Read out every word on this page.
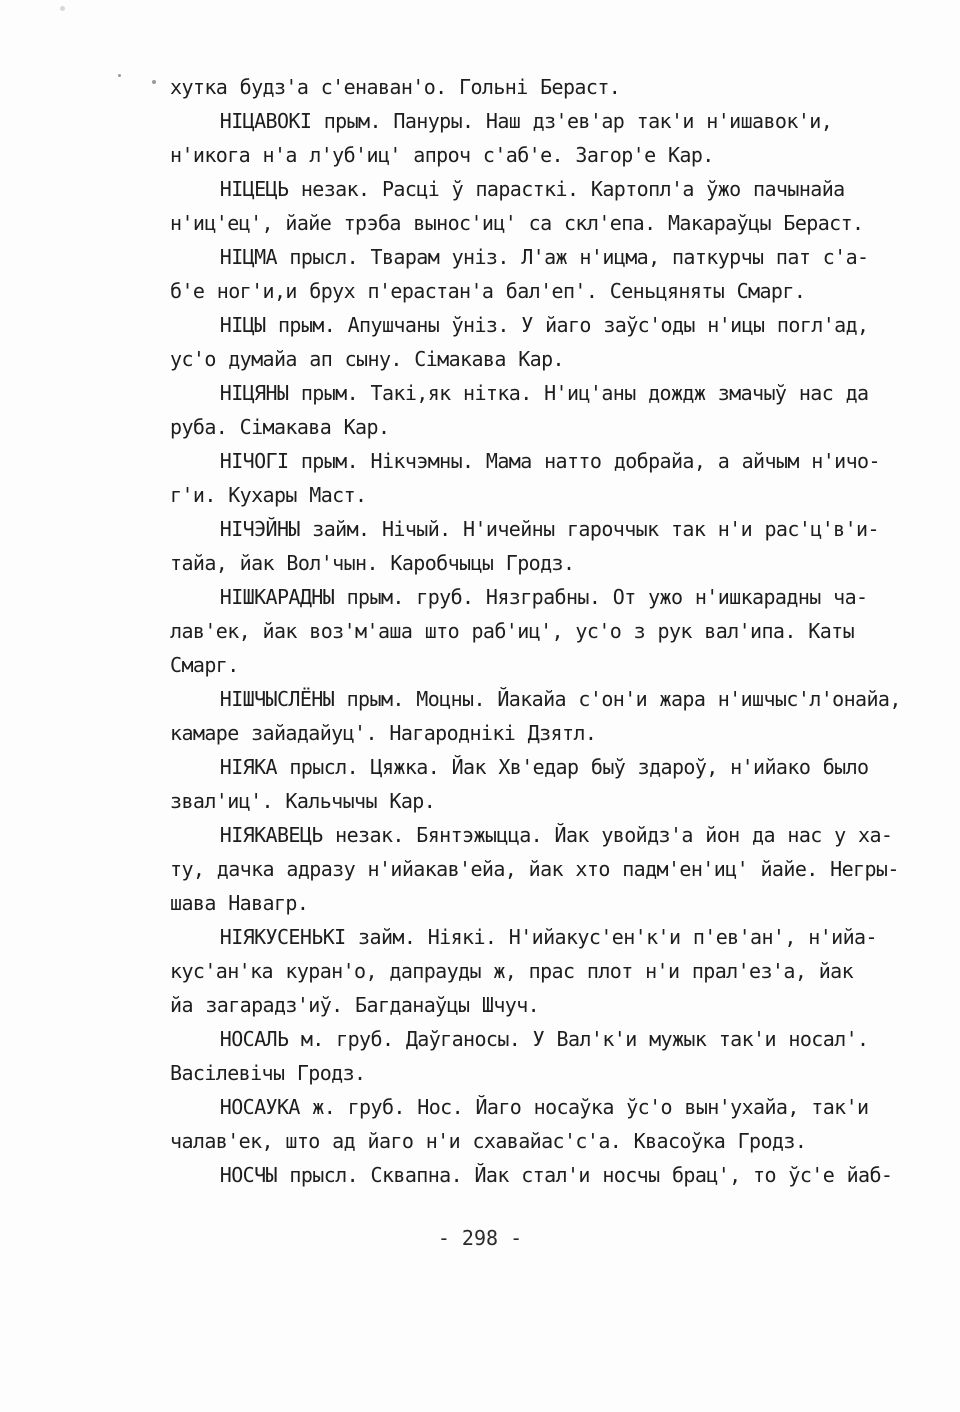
хутка будз'а с'енаван'о. Гольні Бераст.
НІЦАВОКІ прым. Пануры. Наш дз'ев'ар так'и н'ишавок'и,
н'икога н'а л'уб'иц' апроч с'аб'е. Загор'е Кар.
НІЦЕЦЬ незак. Расці ў парасткі. Картопл'а ўжо пачынайа
н'иц'ец', йайе трэба вынос'иц' са скл'епа. Макараўцы Бераст.
НІЦМА прысл. Тварам уніз. Л'аж н'ицма, паткурчы пат с'а-
б'е ног'и,и брух п'ерастан'а бал'еп'. Сеньцяняты Смарг.
НІЦЫ прым. Апушчаны ўніз. У йаго заўс'оды н'ицы погл'ад,
ус'о думайа ап сыну. Сімакава Кар.
НІЦЯНЫ прым. Такі,як нітка. Н'иц'аны дождж змачыў нас да
руба. Сімакава Кар.
НІЧОГІ прым. Нікчэмны. Мама натто добрайа, а айчым н'ичо-
г'и. Кухары Маст.
НІЧЭЙНЫ займ. Нічый. Н'ичейны гароччык так н'и рас'ц'в'и-
тайа, йак Вол'чын. Каробчыцы Гродз.
НІШКАРАДНЫ прым. груб. Нязграбны. От ужо н'ишкарадны ча-
лав'ек, йак воз'м'аша што раб'иц', ус'о з рук вал'ипа. Каты
Смарг.
НІШЧЫСЛЁНЫ прым. Моцны. Йакайа с'он'и жара н'ишчыс'л'онайа,
камаре зайадайуц'. Нагароднікі Дзятл.
НІЯКА прысл. Цяжка. Йак Хв'едар быў здароў, н'ийако было
звал'иц'. Кальчычы Кар.
НІЯКАВЕЦЬ незак. Бянтэжыцца. Йак увойдз'а йон да нас у ха-
ту, дачка адразу н'ийакав'ейа, йак хто падм'ен'иц' йайе. Негры-
шава Навагр.
НІЯКУСЕНЬКІ займ. Ніякі. Н'ийакус'ен'к'и п'ев'ан', н'ийа-
кус'ан'ка куран'о, дапрауды ж, прас плот н'и прал'ез'а, йак
йа загарадз'иў. Багданаўцы Шчуч.
НОСАЛЬ м. груб. Даўганосы. У Вал'к'и мужык так'и носал'.
Васілевічы Гродз.
НОСАУКА ж. груб. Нос. Йаго носаўка ўс'о вын'ухайа, так'и
чалав'ек, што ад йаго н'и схавайас'с'а. Квасоўка Гродз.
НОСЧЫ прысл. Сквапна. Йак стал'и носчы брац', то ўс'е йаб-
- 298 -
